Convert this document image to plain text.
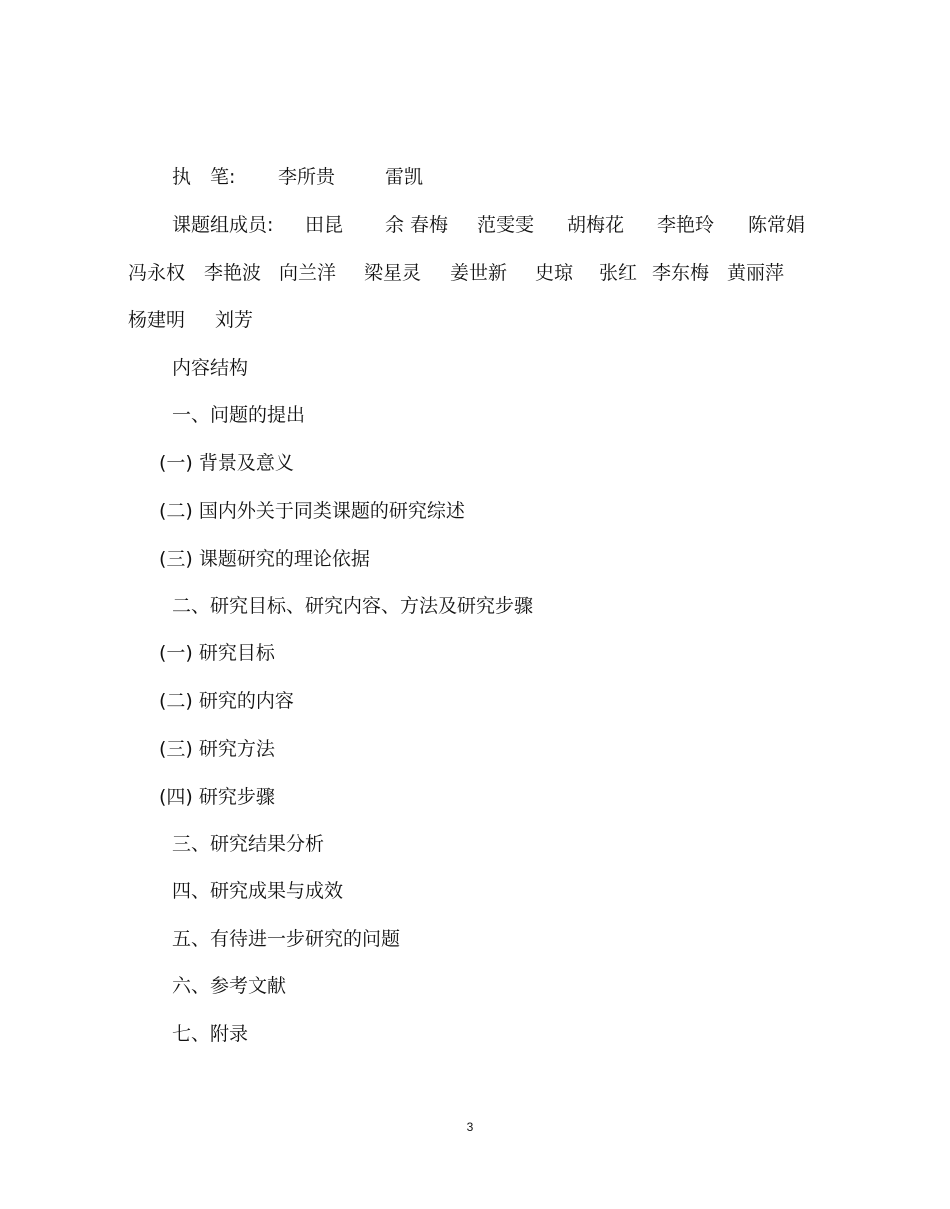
执　笔: 李所贵	雷凯
课题组成员: 田昆 余 春梅 范雯雯 胡梅花 李艳玲 陈常娟
冯永权 李艳波 向兰洋 梁星灵 姜世新 史琼 张红 李东梅 黄丽萍
杨建明 刘芳
内容结构
一、问题的提出
(一) 背景及意义
(二) 国内外关于同类课题的研究综述
(三) 课题研究的理论依据
二、研究目标、研究内容、方法及研究步骤
(一) 研究目标
(二) 研究的内容
(三) 研究方法
(四) 研究步骤
三、研究结果分析
四、研究成果与成效
五、有待进一步研究的问题
六、参考文献
七、附录
3
